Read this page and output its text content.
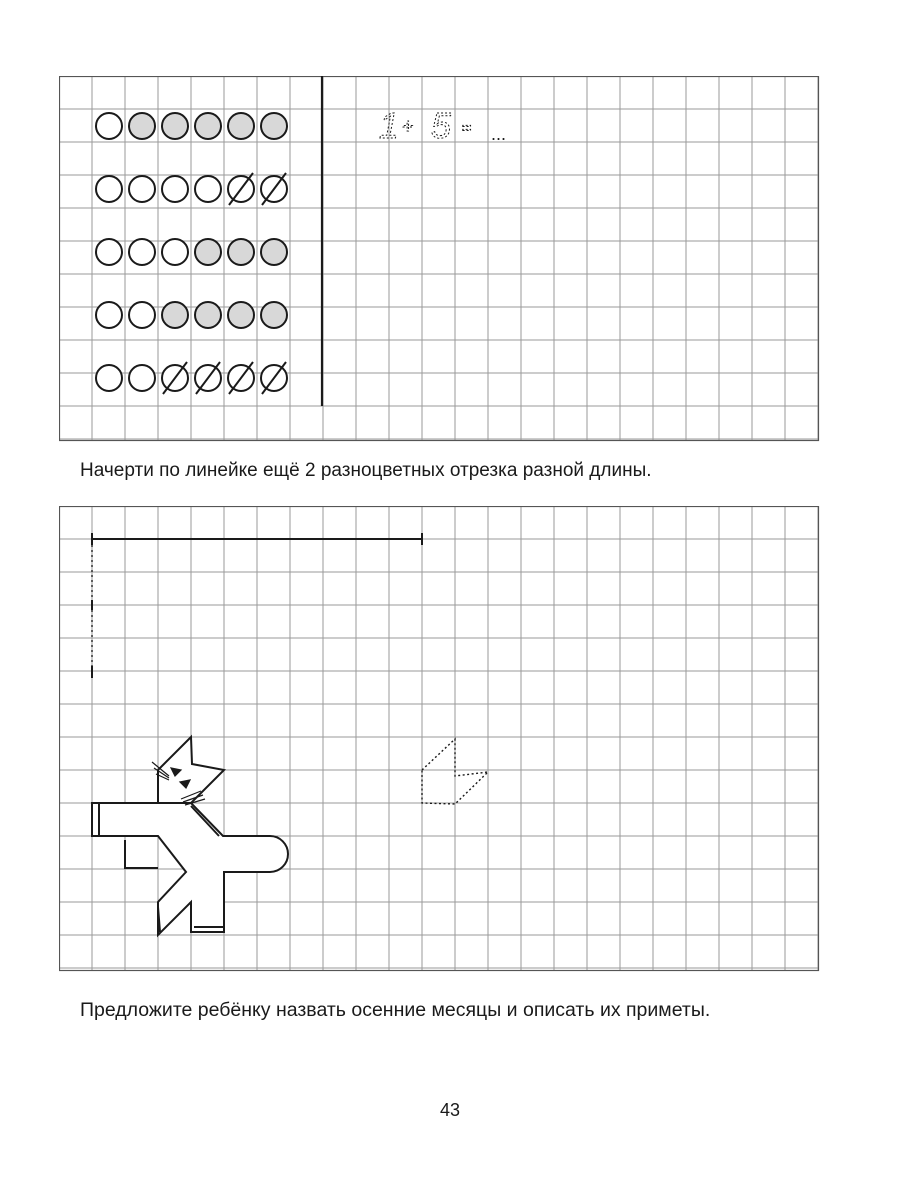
1 + 5 = ...
Начерти по линейке ещё 2 разноцветных отрезка разной длины.
Предложите ребёнку назвать осенние месяцы и описать их приметы.
43
